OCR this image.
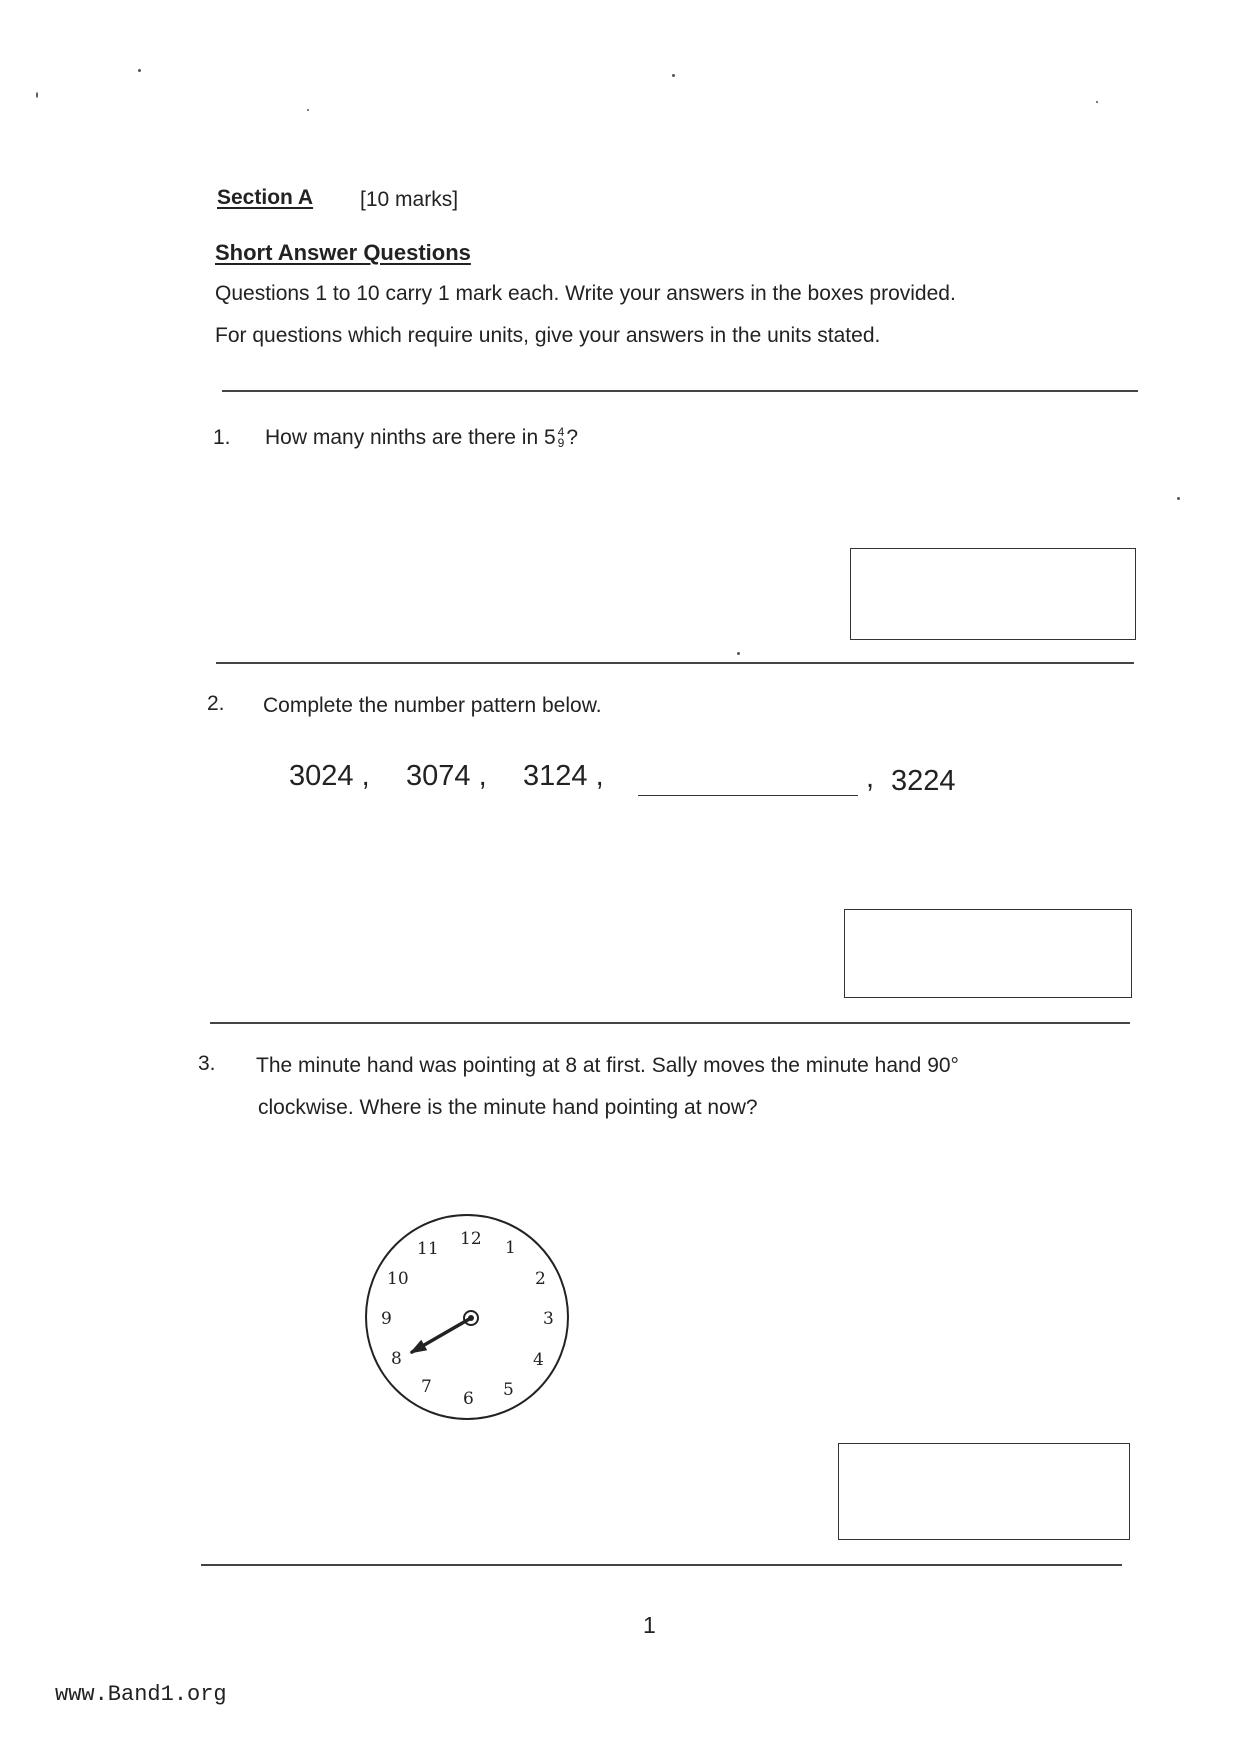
Section A [10 marks]
Short Answer Questions
Questions 1 to 10 carry 1 mark each. Write your answers in the boxes provided.
For questions which require units, give your answers in the units stated.
1. How many ninths are there in 5 4
9?
2. Complete the number pattern below.
3024 , 3074 , 3124 ,	, 3224
3. The minute hand was pointing at 8 at first. Sally moves the minute hand 90°
clockwise. Where is the minute hand pointing at now?
12 1
2
3
4
5
6
7
8
9
10
11
1
www.Band1.org
